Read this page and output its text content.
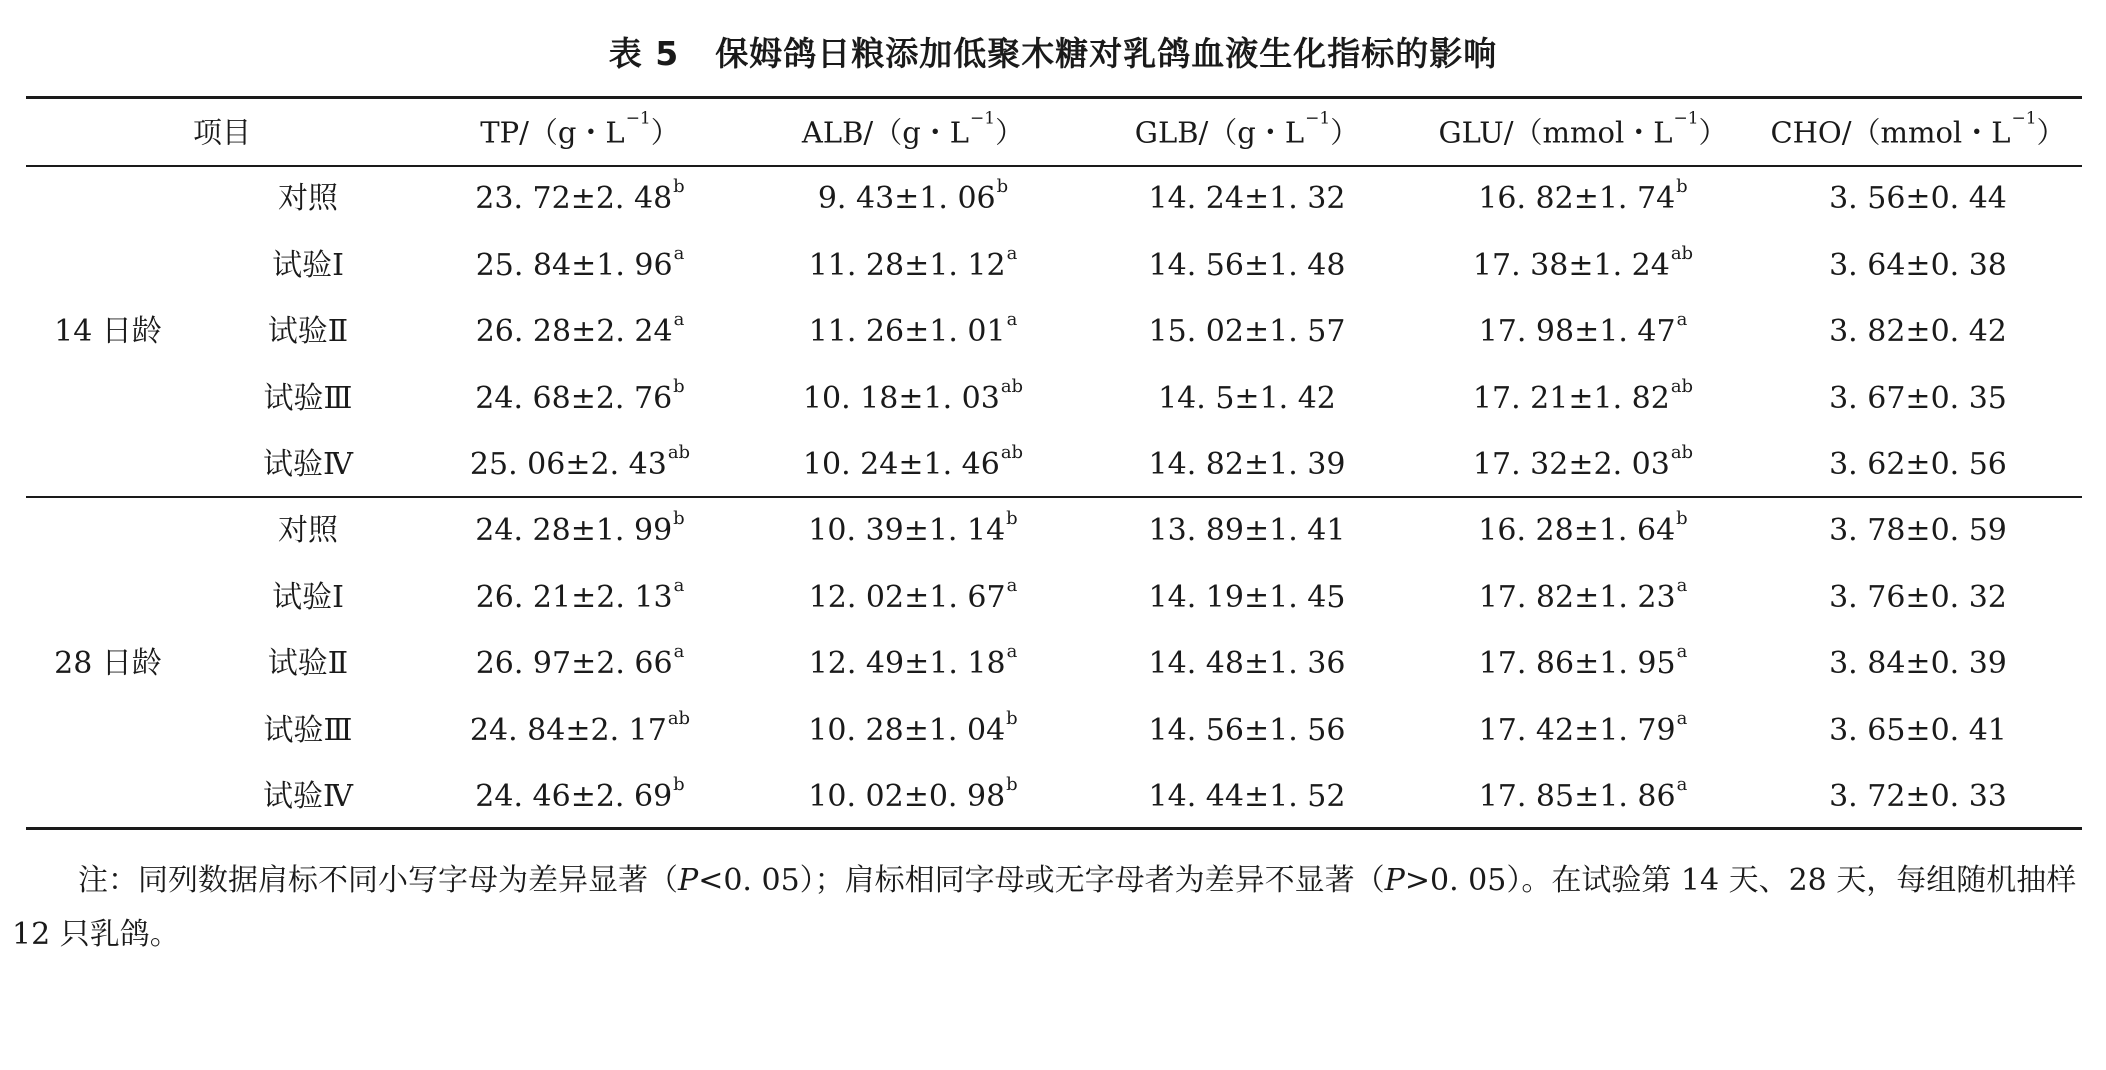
表 5 保姆鸽日粮添加低聚木糖对乳鸽血液生化指标的影响
项目	TP/（g・$L^{-1}$）	ALB/（g・$L^{-1}$）	GLB/（g・$L^{-1}$）	GLU/（mmol・$L^{-1}$） CHO/（mmol・$L^{-1}$）
14 日龄
对照	23. 72±2. 48$^b$	9. 43±1. 06$^b$	14. 24±1. 32	16. 82±1. 74$^b$	3. 56±0. 44
试验Ⅰ	25. 84±1. 96$^a$	11. 28±1. 12$^a$	14. 56±1. 48	17. 38±1. $24^{ab}$	3. 64±0. 38
试验Ⅱ	26. 28±2. 24$^a$	11. 26±1. 01$^a$	15. 02±1. 57	17. 98±1. 47$^a$	3. 82±0. 42
试验Ⅲ	24. 68±2. 76$^b$	10. 18±1. $03^{ab}$	14. 5±1. 42	17. 21±1. $82^{ab}$	3. 67±0. 35
试验Ⅳ	25. 06±2. $43^{ab}$	10. 24±1. $46^{ab}$	14. 82±1. 39	17. 32±2. $03^{ab}$	3. 62±0. 56
28 日龄
对照	24. 28±1. 99$^b$	10. 39±1. 14$^b$	13. 89±1. 41	16. 28±1. 64$^b$	3. 78±0. 59
试验Ⅰ	26. 21±2. 13$^a$	12. 02±1. 67$^a$	14. 19±1. 45	17. 82±1. 23$^a$	3. 76±0. 32
试验Ⅱ	26. 97±2. 66$^a$	12. 49±1. 18$^a$	14. 48±1. 36	17. 86±1. 95$^a$	3. 84±0. 39
试验Ⅲ	24. 84±2. $17^{ab}$	10. 28±1. 04$^b$	14. 56±1. 56	17. 42±1. 79$^a$	3. 65±0. 41
试验Ⅳ	24. 46±2. 69$^b$	10. 02±0. 98$^b$	14. 44±1. 52	17. 85±1. 86$^a$	3. 72±0. 33
注：同列数据肩标不同小写字母为差异显著（P<0. 05）；肩标相同字母或无字母者为差异不显著（P>0. 05）。在试验第 14 天、28 天，每组随机抽样 12 只乳鸽。
